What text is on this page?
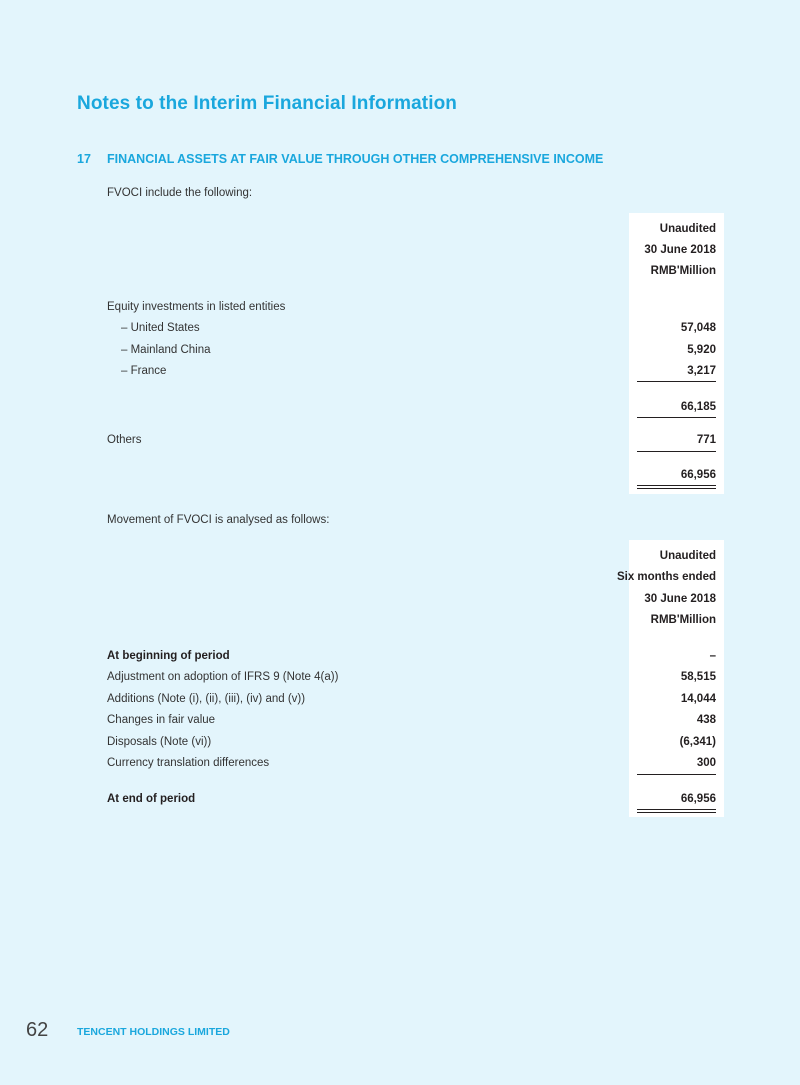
Notes to the Interim Financial Information
17 FINANCIAL ASSETS AT FAIR VALUE THROUGH OTHER COMPREHENSIVE INCOME
FVOCI include the following:
Unaudited
30 June 2018
RMB'Million
Equity investments in listed entities
– United States	57,048
– Mainland China	5,920
– France	3,217
66,185
Others	771
66,956
Movement of FVOCI is analysed as follows:
Unaudited
Six months ended
30 June 2018
RMB'Million
At beginning of period	–
Adjustment on adoption of IFRS 9 (Note 4(a))	58,515
Additions (Note (i), (ii), (iii), (iv) and (v))	14,044
Changes in fair value	438
Disposals (Note (vi))	(6,341)
Currency translation differences	300
At end of period	66,956
62	TENCENT HOLDINGS LIMITED
